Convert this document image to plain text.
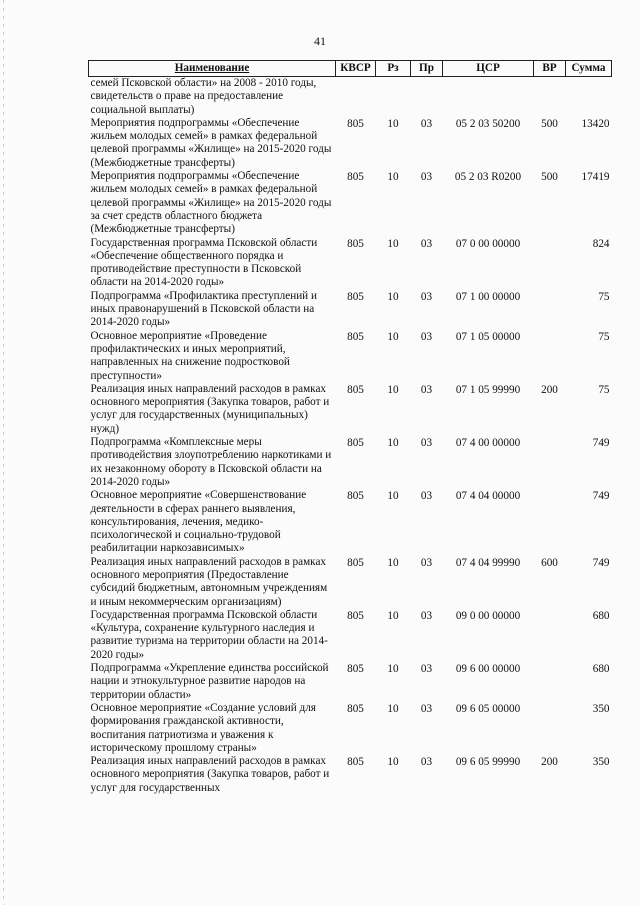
41
Наименование	КВСР	Рз	Пр	ЦСР	ВР	Сумма
семей Псковской области» на 2008 - 2010 годы, свидетельств о праве на предоставление социальной выплаты)						
Мероприятия подпрограммы «Обеспечение жильем молодых семей» в рамках федеральной целевой программы «Жилище» на 2015-2020 годы (Межбюджетные трансферты)	805	10	03	05 2 03 50200	500	13420
Мероприятия подпрограммы «Обеспечение жильем молодых семей» в рамках федеральной целевой программы «Жилище» на 2015-2020 годы за счет средств областного бюджета (Межбюджетные трансферты)	805	10	03	05 2 03 R0200	500	17419
Государственная программа Псковской области «Обеспечение общественного порядка и противодействие преступности в Псковской области на 2014-2020 годы»	805	10	03	07 0 00 00000		824
Подпрограмма «Профилактика преступлений и иных правонарушений в Псковской области на 2014-2020 годы»	805	10	03	07 1 00 00000		75
Основное мероприятие «Проведение профилактических и иных мероприятий, направленных на снижение подростковой преступности»	805	10	03	07 1 05 00000		75
Реализация иных направлений расходов в рамках основного мероприятия (Закупка товаров, работ и услуг для государственных (муниципальных) нужд)	805	10	03	07 1 05 99990	200	75
Подпрограмма «Комплексные меры противодействия злоупотреблению наркотиками и их незаконному обороту в Псковской области на 2014-2020 годы»	805	10	03	07 4 00 00000		749
Основное мероприятие «Совершенствование деятельности в сферах раннего выявления, консультирования, лечения, медико-психологической и социально-трудовой реабилитации наркозависимых»	805	10	03	07 4 04 00000		749
Реализация иных направлений расходов в рамках основного мероприятия (Предоставление субсидий бюджетным, автономным учреждениям и иным некоммерческим организациям)	805	10	03	07 4 04 99990	600	749
Государственная программа Псковской области «Культура, сохранение культурного наследия и развитие туризма на территории области на 2014-2020 годы»	805	10	03	09 0 00 00000		680
Подпрограмма «Укрепление единства российской нации и этнокультурное развитие народов на территории области»	805	10	03	09 6 00 00000		680
Основное мероприятие «Создание условий для формирования гражданской активности, воспитания патриотизма и уважения к историческому прошлому страны»	805	10	03	09 6 05 00000		350
Реализация иных направлений расходов в рамках основного мероприятия (Закупка товаров, работ и услуг для государственных	805	10	03	09 6 05 99990	200	350
